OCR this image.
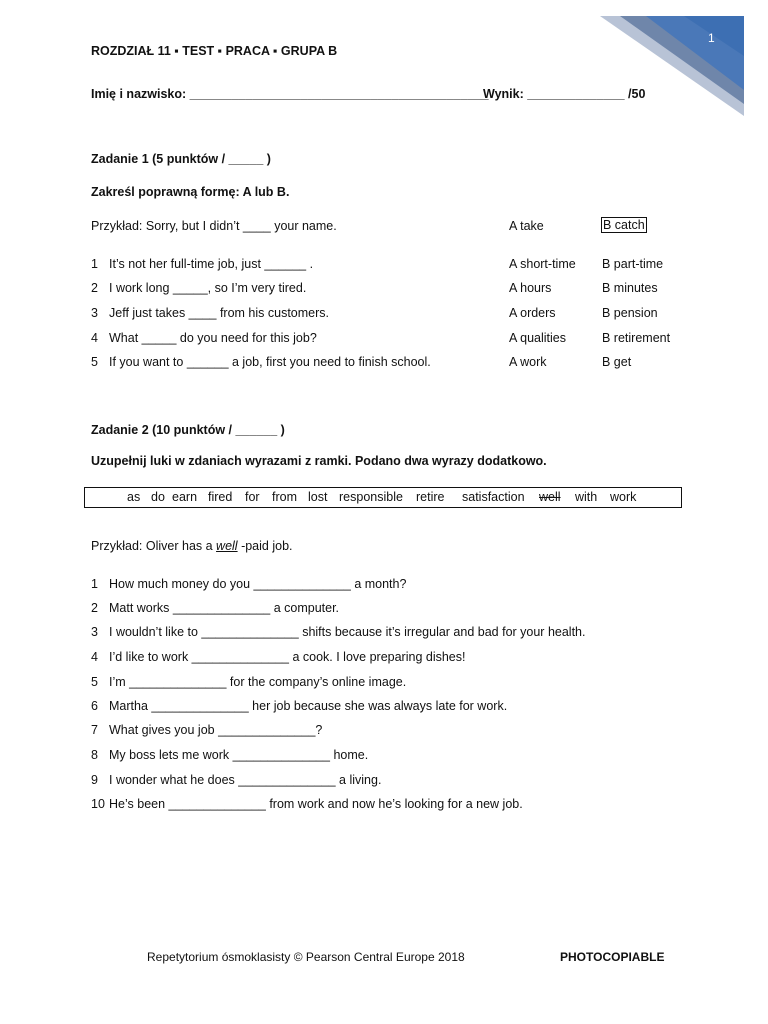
1
ROZDZIAŁ 11 ▪ TEST ▪ PRACA ▪ GRUPA B
Imię i nazwisko: ___________________________________________
Wynik: ______________ /50
Zadanie 1 (5 punktów / _____ )
Zakreśl poprawną formę: A lub B.
Przykład: Sorry, but I didn’t ____ your name.	A take	B catch
1 It’s not her full-time job, just ______ .	A short-time B part-time
2 I work long _____, so I’m very tired.	A hours	B minutes
3 Jeff just takes ____ from his customers.	A orders	B pension
4 What _____ do you need for this job?	A qualities	B retirement
5 If you want to ______ a job, first you need to finish school.	A work	B get
Zadanie 2 (10 punktów / ______ )
Uzupełnij luki w zdaniach wyrazami z ramki. Podano dwa wyrazy dodatkowo.
as do earn fired for from lost responsible retire satisfaction well with work
Przykład: Oliver has a well -paid job.
1 How much money do you ______________ a month?
2 Matt works ______________ a computer.
3 I wouldn’t like to ______________ shifts because it’s irregular and bad for your health.
4 I’d like to work ______________ a cook. I love preparing dishes!
5 I’m ______________ for the company’s online image.
6 Martha ______________ her job because she was always late for work.
7 What gives you job ______________?
8 My boss lets me work ______________ home.
9 I wonder what he does ______________ a living.
10 He’s been ______________ from work and now he’s looking for a new job.
Repetytorium ósmoklasisty © Pearson Central Europe 2018	PHOTOCOPIABLE
